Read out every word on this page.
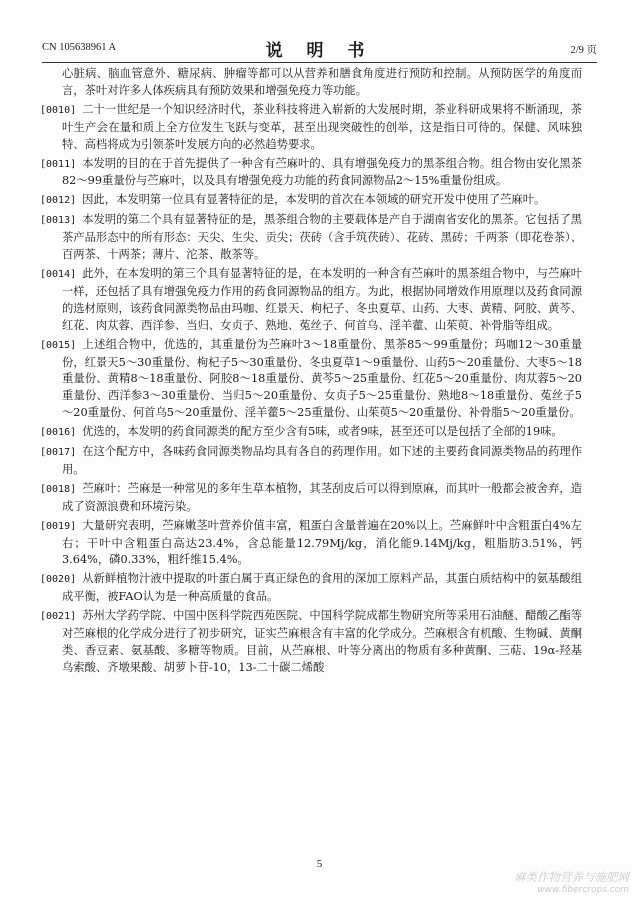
CN 105638961 A	说 明 书	2/9 页

心脏病、脑血管意外、糖尿病、肿瘤等都可以从营养和膳食角度进行预防和控制。从预防医学的角度而言，茶叶对许多人体疾病具有预防效果和增强免疫力等功能。

[0010] 二十一世纪是一个知识经济时代，茶业科技将进入崭新的大发展时期，茶业科研成果将不断涌现，茶叶生产会在量和质上全方位发生飞跃与变革，甚至出现突破性的创举，这是指日可待的。保健、风味独特、高档将成为引领茶叶发展方向的必然趋势要求。

[0011] 本发明的目的在于首先提供了一种含有苎麻叶的、具有增强免疫力的黑茶组合物。组合物由安化黑茶82～99重量份与苎麻叶，以及具有增强免疫力功能的药食同源物品2～15%重量份组成。

[0012] 因此，本发明第一位具有显著特征的是，本发明的首次在本领域的研究开发中使用了苎麻叶。

[0013] 本发明的第二个具有显著特征的是，黑茶组合物的主要载体是产自于湖南省安化的黑茶。它包括了黑茶产品形态中的所有形态：天尖、生尖、贡尖；茯砖（含手筑茯砖）、花砖、黑砖；千两茶（即花卷茶）、百两茶、十两茶；薄片、沱茶、散茶等。

[0014] 此外，在本发明的第三个具有显著特征的是，在本发明的一种含有苎麻叶的黑茶组合物中，与苎麻叶一样，还包括了具有增强免疫力作用的药食同源物品的组方。为此，根据协同增效作用原理以及药食同源的选材原则，该药食同源类物品由玛咖、红景天、枸杞子、冬虫夏草、山药、大枣、黄精、阿胶、黄芩、红花、肉苁蓉、西洋参、当归、女贞子、熟地、菟丝子、何首乌、淫羊藿、山茱萸、补骨脂等组成。

[0015] 上述组合物中，优选的，其重量份为苎麻叶3～18重量份、黑茶85～99重量份；玛咖12～30重量份，红景天5～30重量份、枸杞子5～30重量份、冬虫夏草1～9重量份、山药5～20重量份、大枣5～18重量份、黄精8～18重量份、阿胶8～18重量份、黄芩5～25重量份、红花5～20重量份、肉苁蓉5～20重量份、西洋参3～30重量份、当归5～20重量份、女贞子5～25重量份、熟地8～18重量份、菟丝子5～20重量份、何首乌5～20重量份、淫羊藿5～25重量份、山茱萸5～20重量份、补骨脂5～20重量份。

[0016] 优选的，本发明的药食同源类的配方至少含有5味，或者9味，甚至还可以是包括了全部的19味。

[0017] 在这个配方中，各味药食同源类物品均具有各自的药理作用。如下述的主要药食同源类物品的药理作用。

[0018] 苎麻叶：苎麻是一种常见的多年生草本植物，其茎刮皮后可以得到原麻，而其叶一般都会被舍弃，造成了资源浪费和环境污染。

[0019] 大量研究表明，苎麻嫩茎叶营养价值丰富，粗蛋白含量普遍在20%以上。苎麻鲜叶中含粗蛋白4%左右；干叶中含粗蛋白高达23.4%，含总能量12.79Mj/kg，消化能9.14Mj/kg，粗脂肪3.51%，钙3.64%，磷0.33%，粗纤维15.4%。

[0020] 从新鲜植物汁液中提取的叶蛋白属于真正绿色的食用的深加工原料产品，其蛋白质结构中的氨基酸组成平衡，被FAO认为是一种高质量的食品。

[0021] 苏州大学药学院、中国中医科学院西苑医院、中国科学院成都生物研究所等采用石油醚、醋酸乙酯等对苎麻根的化学成分进行了初步研究，证实苎麻根含有丰富的化学成分。苎麻根含有机酸、生物碱、黄酮类、香豆素、氨基酸、多糖等物质。目前，从苎麻根、叶等分离出的物质有多种黄酮、三萜、19α-羟基乌索酸、齐墩果酸、胡萝卜苷-10，13-二十碳二烯酸

5
麻类作物营养与施肥网
www.fibercrops.com
